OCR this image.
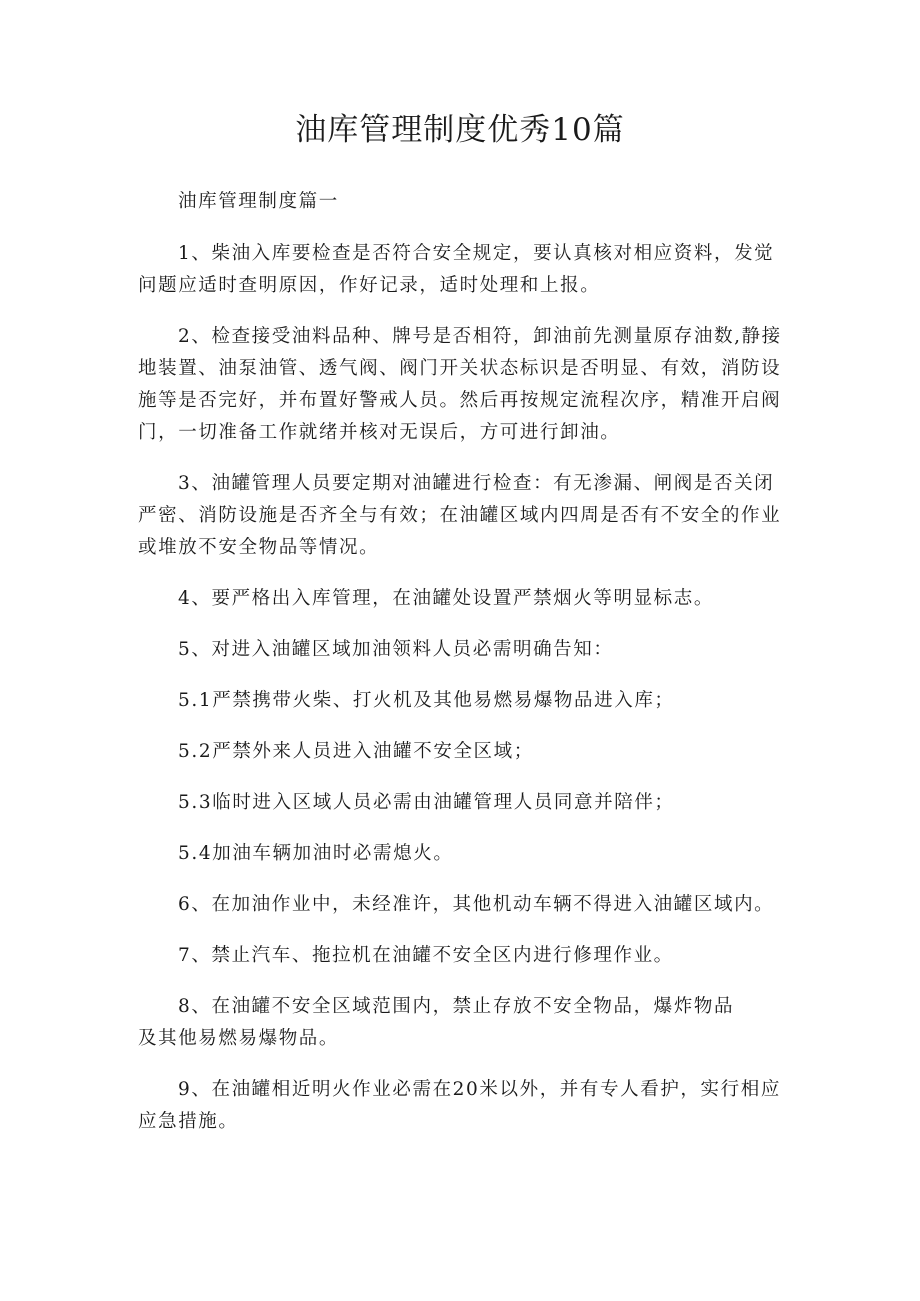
油库管理制度优秀10篇

油库管理制度篇一

1、柴油入库要检查是否符合安全规定，要认真核对相应资料，发觉
问题应适时查明原因，作好记录，适时处理和上报。

2、检查接受油料品种、牌号是否相符，卸油前先测量原存油数,静接
地装置、油泵油管、透气阀、阀门开关状态标识是否明显、有效，消防设
施等是否完好，并布置好警戒人员。然后再按规定流程次序，精准开启阀
门，一切准备工作就绪并核对无误后，方可进行卸油。

3、油罐管理人员要定期对油罐进行检查：有无渗漏、闸阀是否关闭
严密、消防设施是否齐全与有效；在油罐区域内四周是否有不安全的作业
或堆放不安全物品等情况。

4、要严格出入库管理，在油罐处设置严禁烟火等明显标志。

5、对进入油罐区域加油领料人员必需明确告知：

5.1严禁携带火柴、打火机及其他易燃易爆物品进入库；

5.2严禁外来人员进入油罐不安全区域；

5.3临时进入区域人员必需由油罐管理人员同意并陪伴；

5.4加油车辆加油时必需熄火。

6、在加油作业中，未经准许，其他机动车辆不得进入油罐区域内。

7、禁止汽车、拖拉机在油罐不安全区内进行修理作业。

8、在油罐不安全区域范围内，禁止存放不安全物品，爆炸物品
及其他易燃易爆物品。

9、在油罐相近明火作业必需在20米以外，并有专人看护，实行相应
应急措施。
